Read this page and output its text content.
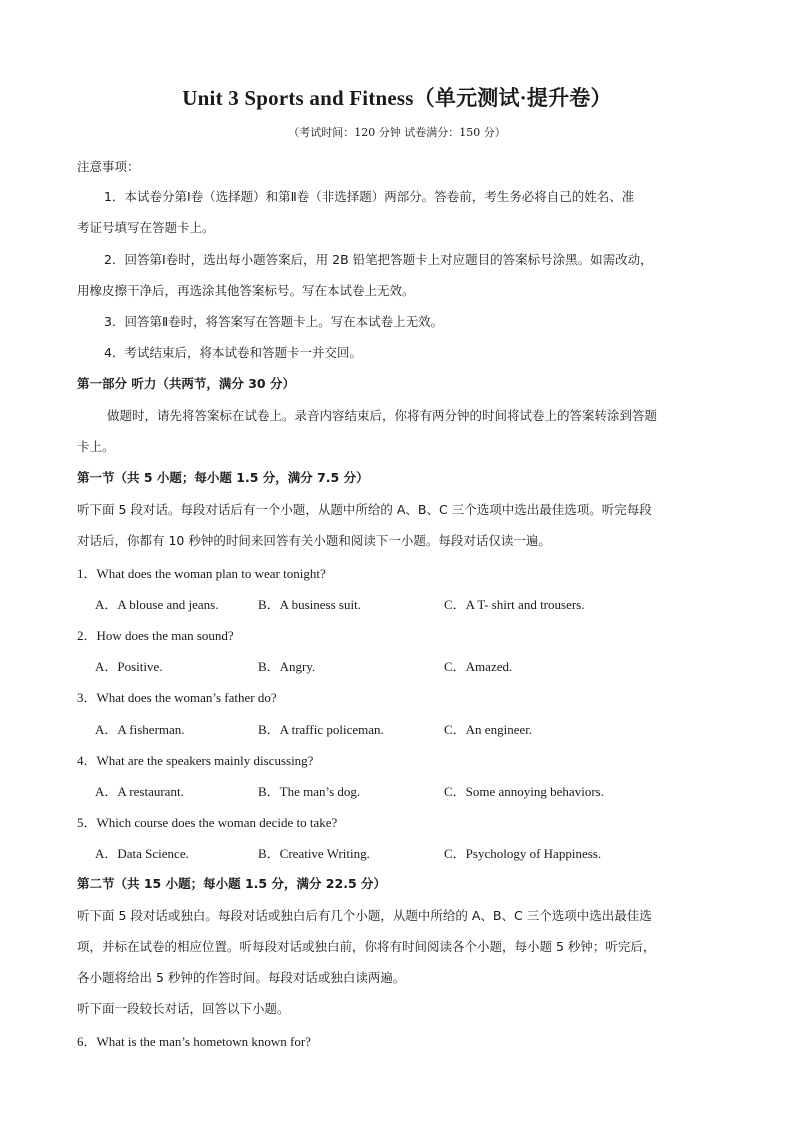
Unit 3 Sports and Fitness（单元测试·提升卷）
（考试时间：120 分钟 试卷满分：150 分）
注意事项：
1．本试卷分第Ⅰ卷（选择题）和第Ⅱ卷（非选择题）两部分。答卷前，考生务必将自己的姓名、准
考证号填写在答题卡上。
2．回答第Ⅰ卷时，选出每小题答案后，用 2B 铅笔把答题卡上对应题目的答案标号涂黑。如需改动，
用橡皮擦干净后，再选涂其他答案标号。写在本试卷上无效。
3．回答第Ⅱ卷时，将答案写在答题卡上。写在本试卷上无效。
4．考试结束后，将本试卷和答题卡一并交回。
第一部分 听力（共两节，满分 30 分）
做题时，请先将答案标在试卷上。录音内容结束后，你将有两分钟的时间将试卷上的答案转涂到答题
卡上。
第一节（共 5 小题；每小题 1.5 分，满分 7.5 分）
听下面 5 段对话。每段对话后有一个小题，从题中所给的 A、B、C 三个选项中选出最佳选项。听完每段
对话后，你都有 10 秒钟的时间来回答有关小题和阅读下一小题。每段对话仅读一遍。
1．What does the woman plan to wear tonight?
A．A blouse and jeans.	B．A business suit.	C．A T- shirt and trousers.
2．How does the man sound?
A．Positive.	B．Angry.	C．Amazed.
3．What does the woman’s father do?
A．A fisherman.	B．A traffic policeman.	C．An engineer.
4．What are the speakers mainly discussing?
A．A restaurant.	B．The man’s dog.	C．Some annoying behaviors.
5．Which course does the woman decide to take?
A．Data Science.	B．Creative Writing.	C．Psychology of Happiness.
第二节（共 15 小题；每小题 1.5 分，满分 22.5 分）
听下面 5 段对话或独白。每段对话或独白后有几个小题，从题中所给的 A、B、C 三个选项中选出最佳选
项，并标在试卷的相应位置。听每段对话或独白前，你将有时间阅读各个小题，每小题 5 秒钟；听完后，
各小题将给出 5 秒钟的作答时间。每段对话或独白读两遍。
听下面一段较长对话，回答以下小题。
6．What is the man’s hometown known for?
